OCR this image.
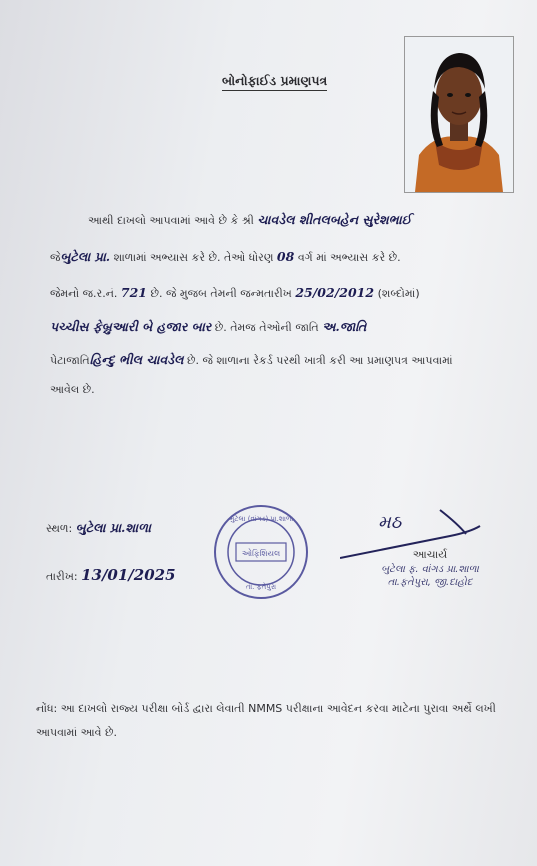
બોનોફાઈડ પ્રમાણપત્ર
આથી દાખલો આપવામાં આવે છે કે શ્રી ચાવડેલ શીતલબહેન સુરેશભાઈ
જેબુટેલા પ્રા. શાળામાં અભ્યાસ કરે છે. તેઓ ધોરણ 08 વર્ગ માં અભ્યાસ કરે છે.
જેમનો જ.ર.નં. 721 છે. જે મુજબ તેમની જન્મતારીખ 25/02/2012 (શબ્દોમાં)
પચ્ચીસ ફેબ્રુઆરી બે હજાર બાર છે. તેમજ તેઓની જાતિ અ.જાતિ
પેટાજાતિહિન્દુ ભીલ ચાવડેલ છે. જે શાળાના રેકર્ડ પરથી ખાત્રી કરી આ પ્રમાણપત્ર આપવામાં
આવેલ છે.
સ્થળ: બુટેલા પ્રા.શાળા
તારીખ: 13/01/2025
બુટેલા (વાંગડ) પ્રા.શાળા
ઓફિશિયલ
તા. ફતેપુરા
મઠ
આચાર્ય
બુટેલા ફ. વાંગડ પ્રા.શાળા
તા.ફતેપુરા, જી.દાહોદ
નોંધ: આ દાખલો રાજ્ય પરીક્ષા બોર્ડ દ્વારા લેવાતી NMMS પરીક્ષાના આવેદન કરવા માટેના પુરાવા અર્થે લખી આપવામાં આવે છે.
